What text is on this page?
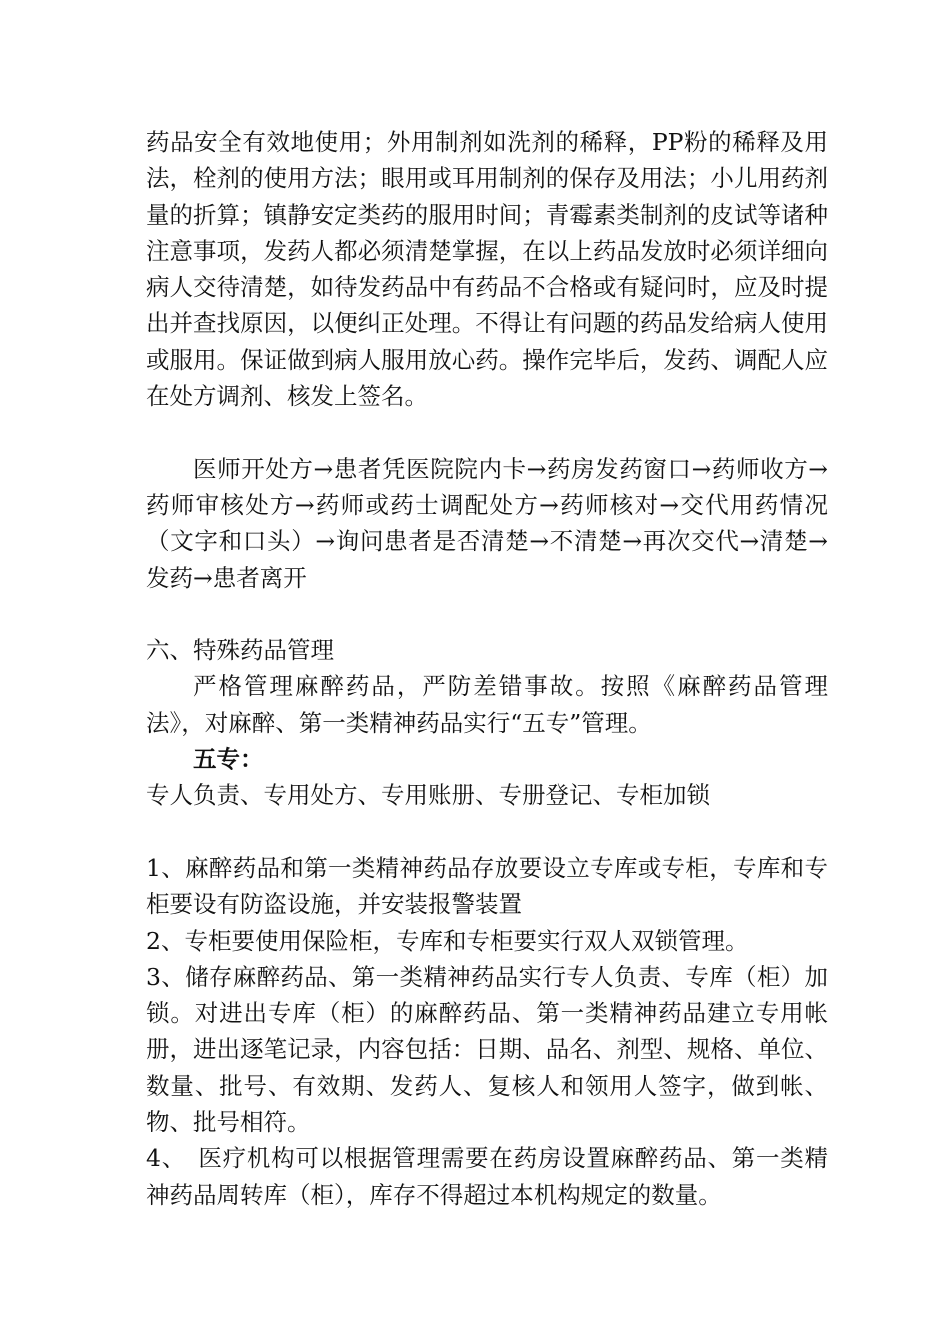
药品安全有效地使用；外用制剂如洗剂的稀释，PP粉的稀释及用法，栓剂的使用方法；眼用或耳用制剂的保存及用法；小儿用药剂量的折算；镇静安定类药的服用时间；青霉素类制剂的皮试等诸种注意事项，发药人都必须清楚掌握，在以上药品发放时必须详细向病人交待清楚，如待发药品中有药品不合格或有疑问时，应及时提出并查找原因，以便纠正处理。不得让有问题的药品发给病人使用或服用。保证做到病人服用放心药。操作完毕后，发药、调配人应在处方调剂、核发上签名。

医师开处方→患者凭医院院内卡→药房发药窗口→药师收方→药师审核处方→药师或药士调配处方→药师核对→交代用药情况（文字和口头）→询问患者是否清楚→不清楚→再次交代→清楚→发药→患者离开

六、特殊药品管理

严格管理麻醉药品，严防差错事故。按照《麻醉药品管理法》，对麻醉、第一类精神药品实行“五专”管理。

五专：

专人负责、专用处方、专用账册、专册登记、专柜加锁

1、麻醉药品和第一类精神药品存放要设立专库或专柜，专库和专柜要设有防盗设施，并安装报警装置

2、专柜要使用保险柜，专库和专柜要实行双人双锁管理。

3、储存麻醉药品、第一类精神药品实行专人负责、专库（柜）加锁。对进出专库（柜）的麻醉药品、第一类精神药品建立专用帐册，进出逐笔记录，内容包括：日期、品名、剂型、规格、单位、数量、批号、有效期、发药人、复核人和领用人签字，做到帐、物、批号相符。

4、　医疗机构可以根据管理需要在药房设置麻醉药品、第一类精神药品周转库（柜），库存不得超过本机构规定的数量。
